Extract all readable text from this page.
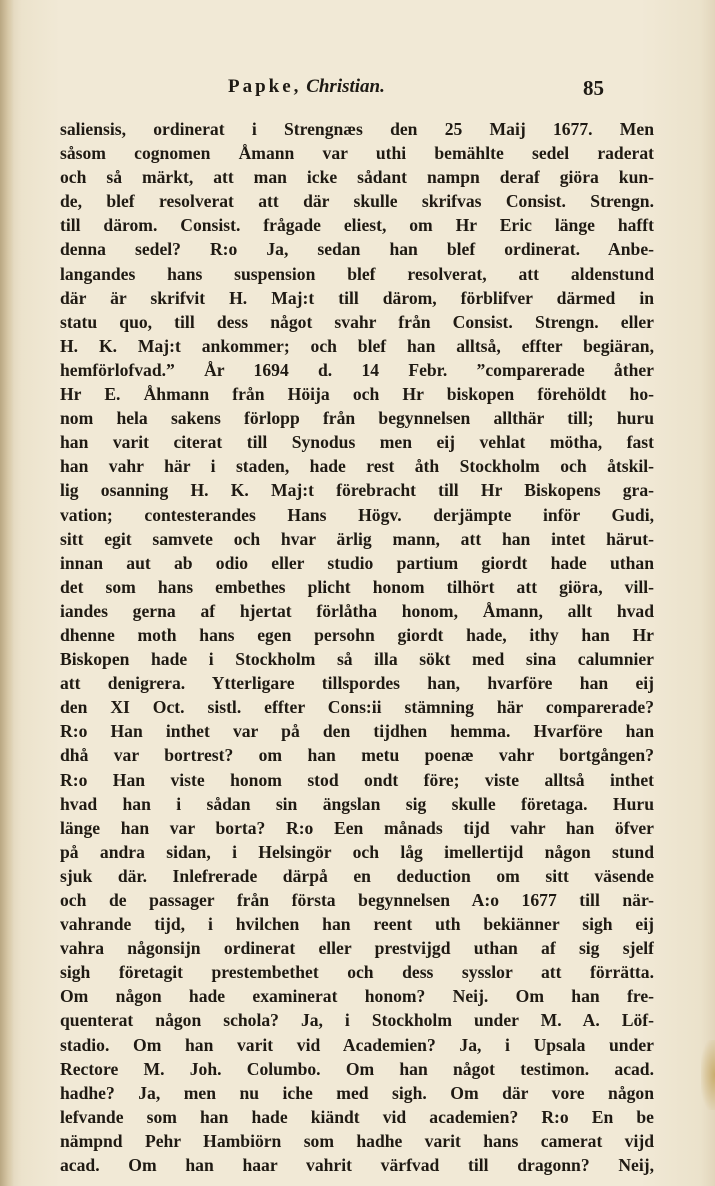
Papke, Christian.	85
saliensis, ordinerat i Strengnæs den 25 Maij 1677. Men
såsom cognomen Åmann var uthi bemählte sedel raderat
och så märkt, att man icke sådant nampn deraf giöra kun-
de, blef resolverat att där skulle skrifvas Consist. Strengn.
till därom. Consist. frågade eliest, om Hr Eric länge hafft
denna sedel? R:o Ja, sedan han blef ordinerat. Anbe-
langandes hans suspension blef resolverat, att aldenstund
där är skrifvit H. Maj:t till därom, förblifver därmed in
statu quo, till dess något svahr från Consist. Strengn. eller
H. K. Maj:t ankommer; och blef han alltså, effter begiäran,
hemförlofvad.” År 1694 d. 14 Febr. ”comparerade åther
Hr E. Åhmann från Höija och Hr biskopen förehöldt ho-
nom hela sakens förlopp från begynnelsen allthär till; huru
han varit citerat till Synodus men eij vehlat mötha, fast
han vahr här i staden, hade rest åth Stockholm och åtskil-
lig osanning H. K. Maj:t förebracht till Hr Biskopens gra-
vation; contesterandes Hans Högv. derjämpte inför Gudi,
sitt egit samvete och hvar ärlig mann, att han intet härut-
innan aut ab odio eller studio partium giordt hade uthan
det som hans embethes plicht honom tilhört att giöra, vill-
iandes gerna af hjertat förlåtha honom, Åmann, allt hvad
dhenne moth hans egen persohn giordt hade, ithy han Hr
Biskopen hade i Stockholm så illa sökt med sina calumnier
att denigrera. Ytterligare tillspordes han, hvarföre han eij
den XI Oct. sistl. effter Cons:ii stämning här comparerade?
R:o Han inthet var på den tijdhen hemma. Hvarföre han
dhå var bortrest? om han metu poenæ vahr bortgången?
R:o Han viste honom stod ondt före; viste alltså inthet
hvad han i sådan sin ängslan sig skulle företaga. Huru
länge han var borta? R:o Een månads tijd vahr han öfver
på andra sidan, i Helsingör och låg imellertijd någon stund
sjuk där. Inlefrerade därpå en deduction om sitt väsende
och de passager från första begynnelsen A:o 1677 till när-
vahrande tijd, i hvilchen han reent uth bekiänner sigh eij
vahra någonsijn ordinerat eller prestvijgd uthan af sig sjelf
sigh företagit prestembethet och dess sysslor att förrätta.
Om någon hade examinerat honom? Neij. Om han fre-
quenterat någon schola? Ja, i Stockholm under M. A. Löf-
stadio. Om han varit vid Academien? Ja, i Upsala under
Rectore M. Joh. Columbo. Om han något testimon. acad.
hadhe? Ja, men nu iche med sigh. Om där vore någon
lefvande som han hade kiändt vid academien? R:o En be
nämpnd Pehr Hambiörn som hadhe varit hans camerat vijd
acad. Om han haar vahrit värfvad till dragonn? Neij,
